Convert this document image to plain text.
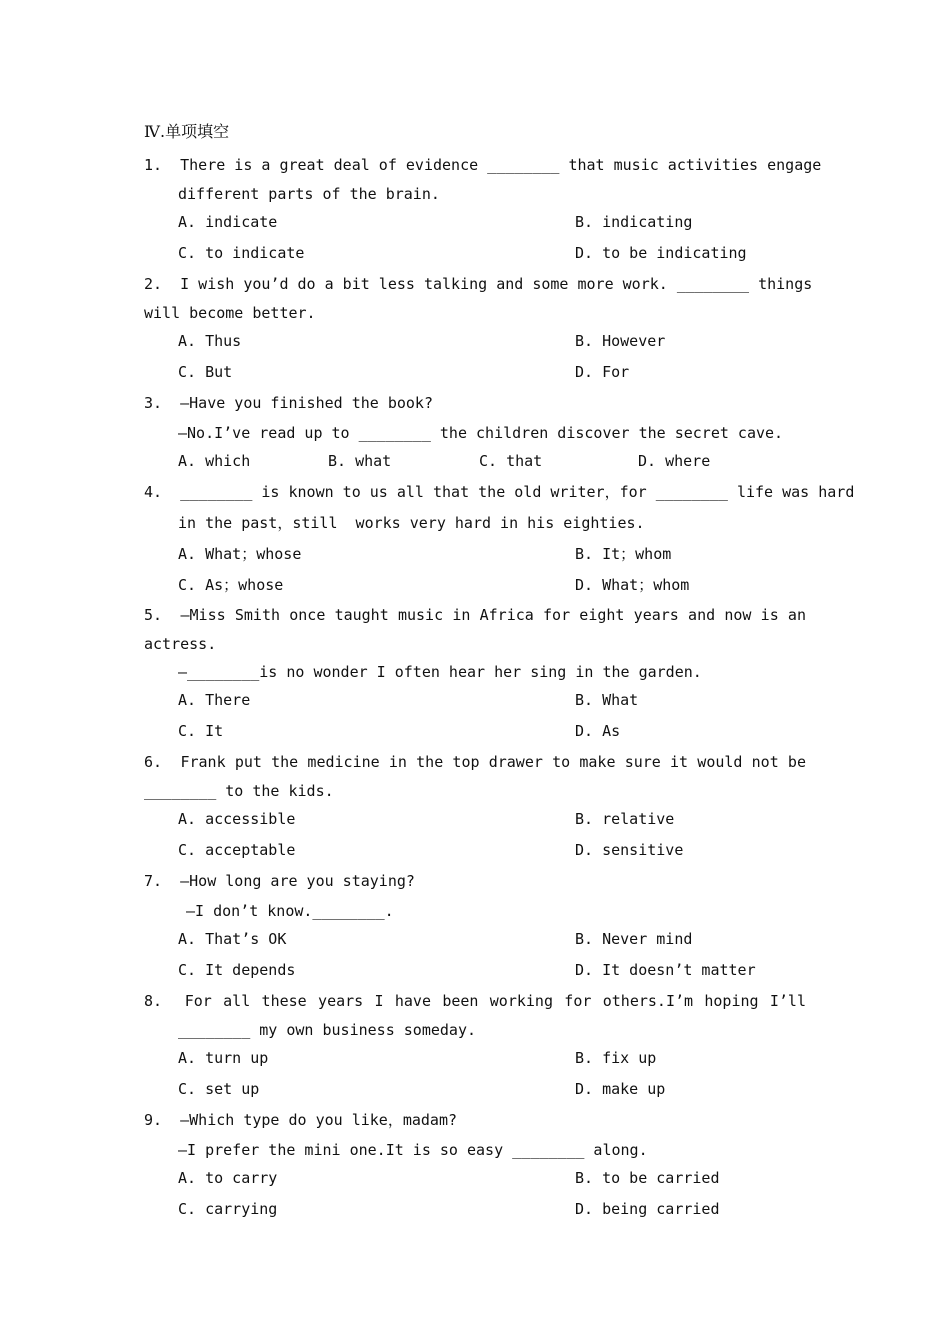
Ⅳ.单项填空
1.  There is a great deal of evidence ________ that music activities engage
different parts of the brain.
A. indicate	B. indicating
C. to indicate	D. to be indicating
2.  I wish you’d do a bit less talking and some more work. ________ things
will become better.
A. Thus	B. However
C. But	D. For
3.  —Have you finished the book?
—No.I’ve read up to ________ the children discover the secret cave.
A. which	B. what	C. that	D. where
4.  ________ is known to us all that the old writer，for ________ life was hard
in the past，still  works very hard in his eighties.
A. What；whose	B. It；whom
C. As；whose	D. What；whom
5.  —Miss Smith once taught music in Africa for eight years and now is an
actress.
—________is no wonder I often hear her sing in the garden.
A. There	B. What
C. It	D. As
6.  Frank put the medicine in the top drawer to make sure it would not be
________ to the kids.
A. accessible	B. relative
C. acceptable	D. sensitive
7.  —How long are you staying?
—I don’t know.________.
A. That’s OK	B. Never mind
C. It depends	D. It doesn’t matter
8.  For all these years I have been working for others.I’m hoping I’ll
________ my own business someday.
A. turn up	B. fix up
C. set up	D. make up
9.  —Which type do you like，madam?
—I prefer the mini one.It is so easy ________ along.
A. to carry	B. to be carried
C. carrying	D. being carried
